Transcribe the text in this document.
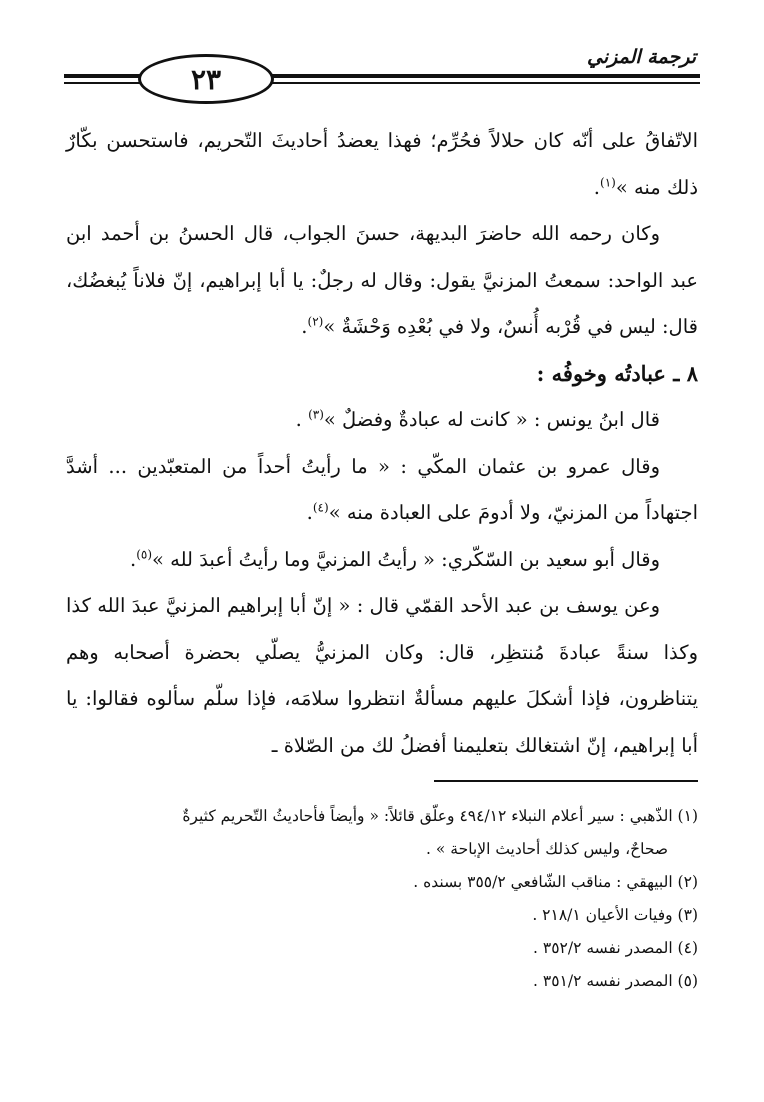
ترجمة المزني
٢٣

الاتّفاقُ على أنّه كان حلالاً فحُرِّم؛ فهذا يعضدُ أحاديثَ التّحريم، فاستحسن بكّارٌ ذلك منه »$^{(١)}$.

وكان رحمه الله حاضرَ البديهة، حسنَ الجواب، قال الحسنُ بن أحمد ابن عبد الواحد: سمعتُ المزنيَّ يقول: وقال له رجلٌ: يا أبا إبراهيم، إنّ فلاناً يُبغضُك، قال: ليس في قُرْبه أُنسٌ، ولا في بُعْدِه وَحْشَةٌ »$^{(٢)}$.

٨ ـ عبادتُه وخوفُه :

قال ابنُ يونس : « كانت له عبادةٌ وفضلٌ »$^{(٣)}$ .

وقال عمرو بن عثمان المكّي : « ما رأيتُ أحداً من المتعبّدين ... أشدَّ اجتهاداً من المزنيّ، ولا أدومَ على العبادة منه »$^{(٤)}$.

وقال أبو سعيد بن السّكّري: « رأيتُ المزنيَّ وما رأيتُ أعبدَ لله »$^{(٥)}$.

وعن يوسف بن عبد الأحد القمّي قال : « إنّ أبا إبراهيم المزنيَّ عبدَ الله كذا وكذا سنةً عبادةَ مُنتظِر، قال: وكان المزنيُّ يصلّي بحضرة أصحابه وهم يتناظرون، فإذا أشكلَ عليهم مسألةٌ انتظروا سلامَه، فإذا سلّم سألوه فقالوا: يا أبا إبراهيم، إنّ اشتغالك بتعليمنا أفضلُ لك من الصّلاة ـ

(١) الذّهبي : سير أعلام النبلاء ٤٩٤/١٢ وعلّق قائلاً: « وأيضاً فأحاديثُ التّحريم كثيرةٌ

صحاحٌ، وليس كذلك أحاديث الإباحة » .

(٢) البيهقي : مناقب الشّافعي ٣٥٥/٢ بسنده .

(٣) وفيات الأعيان ٢١٨/١ .

(٤) المصدر نفسه ٣٥٢/٢ .

(٥) المصدر نفسه ٣٥١/٢ .
